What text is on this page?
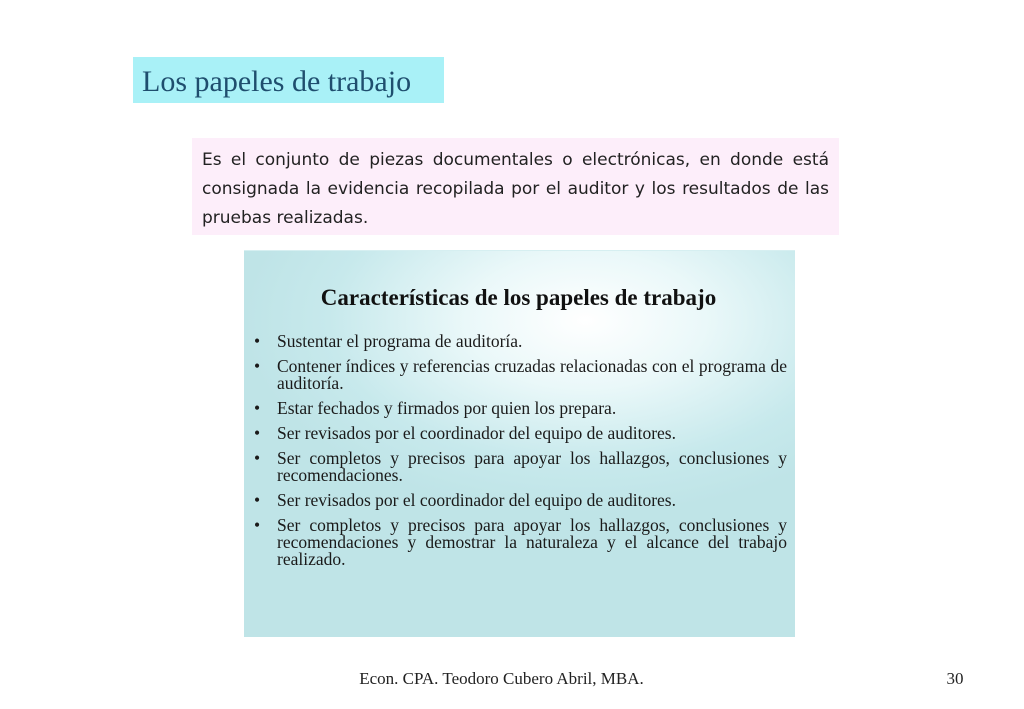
Los papeles de trabajo
Es el conjunto de piezas documentales o electrónicas, en donde está consignada la evidencia recopilada por el auditor y los resultados de las pruebas realizadas.
Características de los papeles de trabajo
• Sustentar el programa de auditoría.
• Contener índices y referencias cruzadas relacionadas con el programa de auditoría.
• Estar fechados y firmados por quien los prepara.
• Ser revisados por el coordinador del equipo de auditores.
• Ser completos y precisos para apoyar los hallazgos, conclusiones y recomendaciones.
• Ser revisados por el coordinador del equipo de auditores.
• Ser completos y precisos para apoyar los hallazgos, conclusiones y recomendaciones y demostrar la naturaleza y el alcance del trabajo realizado.
Econ. CPA. Teodoro Cubero Abril, MBA.	30
